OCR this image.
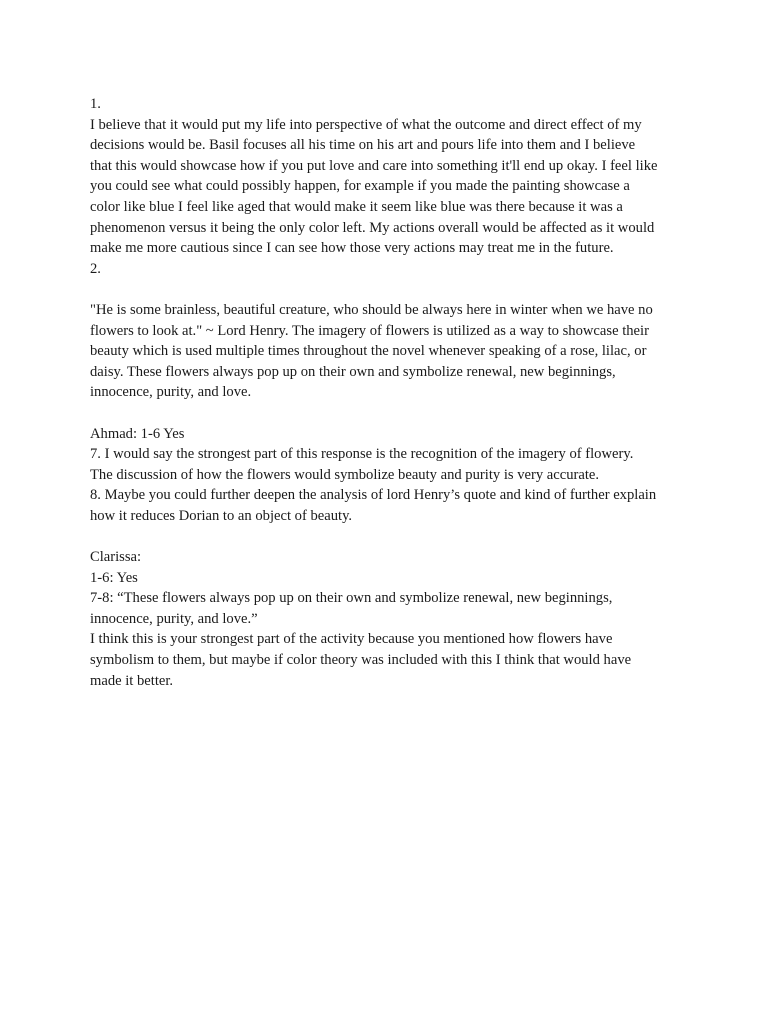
1.
I believe that it would put my life into perspective of what the outcome and direct effect of my
decisions would be. Basil focuses all his time on his art and pours life into them and I believe
that this would showcase how if you put love and care into something it'll end up okay. I feel like
you could see what could possibly happen, for example if you made the painting showcase a
color like blue I feel like aged that would make it seem like blue was there because it was a
phenomenon versus it being the only color left. My actions overall would be affected as it would
make me more cautious since I can see how those very actions may treat me in the future.
2.
"He is some brainless, beautiful creature, who should be always here in winter when we have no
flowers to look at." ~ Lord Henry. The imagery of flowers is utilized as a way to showcase their
beauty which is used multiple times throughout the novel whenever speaking of a rose, lilac, or
daisy. These flowers always pop up on their own and symbolize renewal, new beginnings,
innocence, purity, and love.
Ahmad: 1-6 Yes
7. I would say the strongest part of this response is the recognition of the imagery of flowery.
The discussion of how the flowers would symbolize beauty and purity is very accurate.
8. Maybe you could further deepen the analysis of lord Henry’s quote and kind of further explain
how it reduces Dorian to an object of beauty.
Clarissa:
1-6: Yes
7-8: “These flowers always pop up on their own and symbolize renewal, new beginnings,
innocence, purity, and love.”
I think this is your strongest part of the activity because you mentioned how flowers have
symbolism to them, but maybe if color theory was included with this I think that would have
made it better.
